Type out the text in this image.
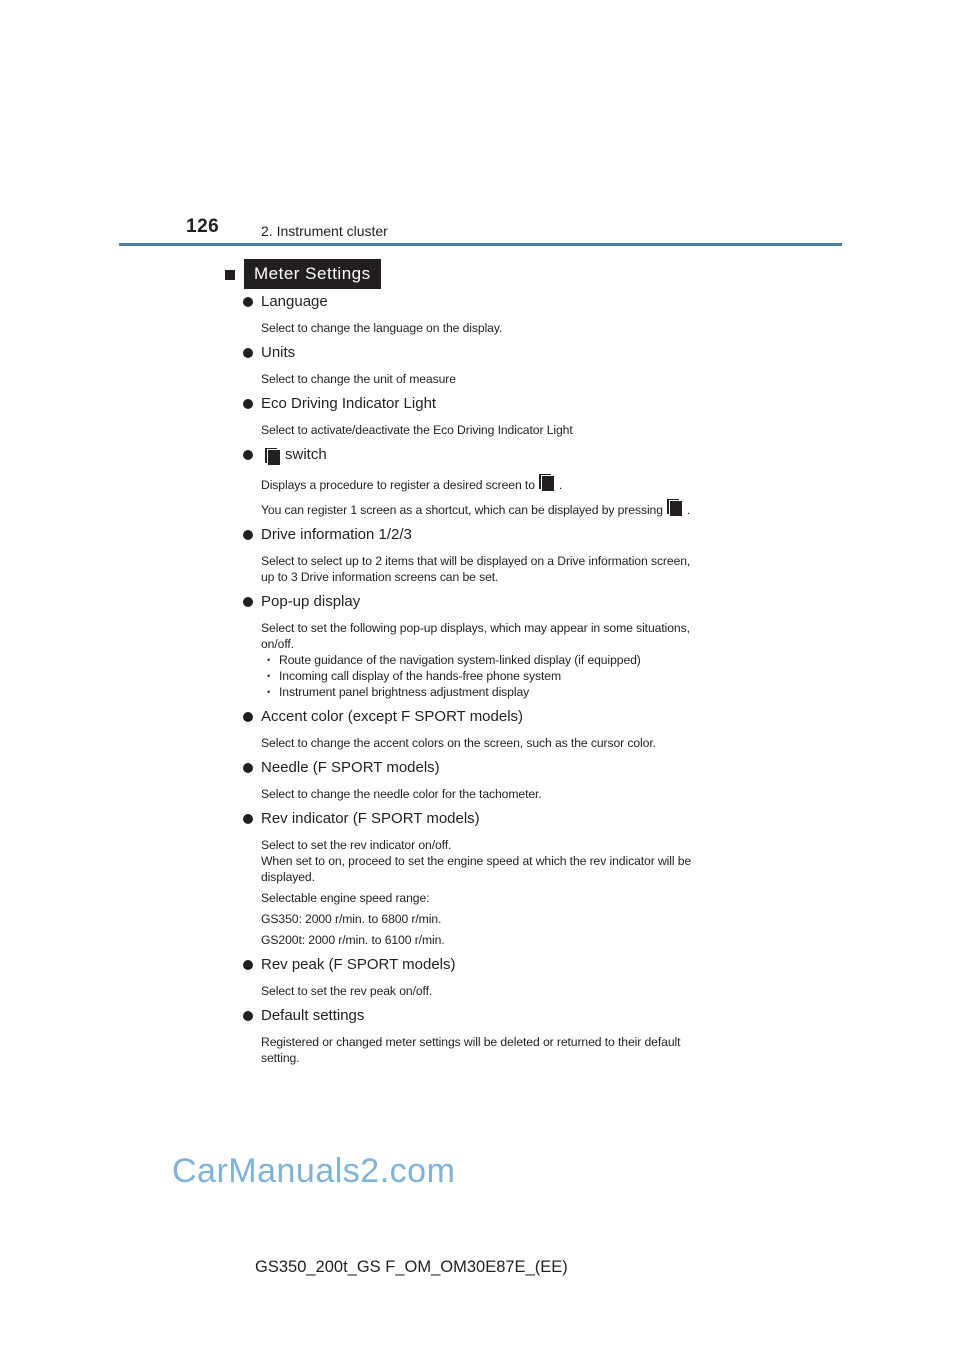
126	2. Instrument cluster
Meter Settings
Language

Select to change the language on the display.

Units

Select to change the unit of measure

Eco Driving Indicator Light

Select to activate/deactivate the Eco Driving Indicator Light

switch

Displays a procedure to register a desired screen to .

You can register 1 screen as a shortcut, which can be displayed by pressing .

Drive information 1/2/3

Select to select up to 2 items that will be displayed on a Drive information screen,
up to 3 Drive information screens can be set.

Pop-up display

Select to set the following pop-up displays, which may appear in some situations,
on/off.
• Route guidance of the navigation system-linked display (if equipped)
• Incoming call display of the hands-free phone system
• Instrument panel brightness adjustment display

Accent color (except F SPORT models)

Select to change the accent colors on the screen, such as the cursor color.

Needle (F SPORT models)

Select to change the needle color for the tachometer.

Rev indicator (F SPORT models)

Select to set the rev indicator on/off.
When set to on, proceed to set the engine speed at which the rev indicator will be
displayed.

Selectable engine speed range:

GS350: 2000 r/min. to 6800 r/min.

GS200t: 2000 r/min. to 6100 r/min.

Rev peak (F SPORT models)

Select to set the rev peak on/off.

Default settings

Registered or changed meter settings will be deleted or returned to their default
setting.

CarManuals2.com
GS350_200t_GS F_OM_OM30E87E_(EE)
